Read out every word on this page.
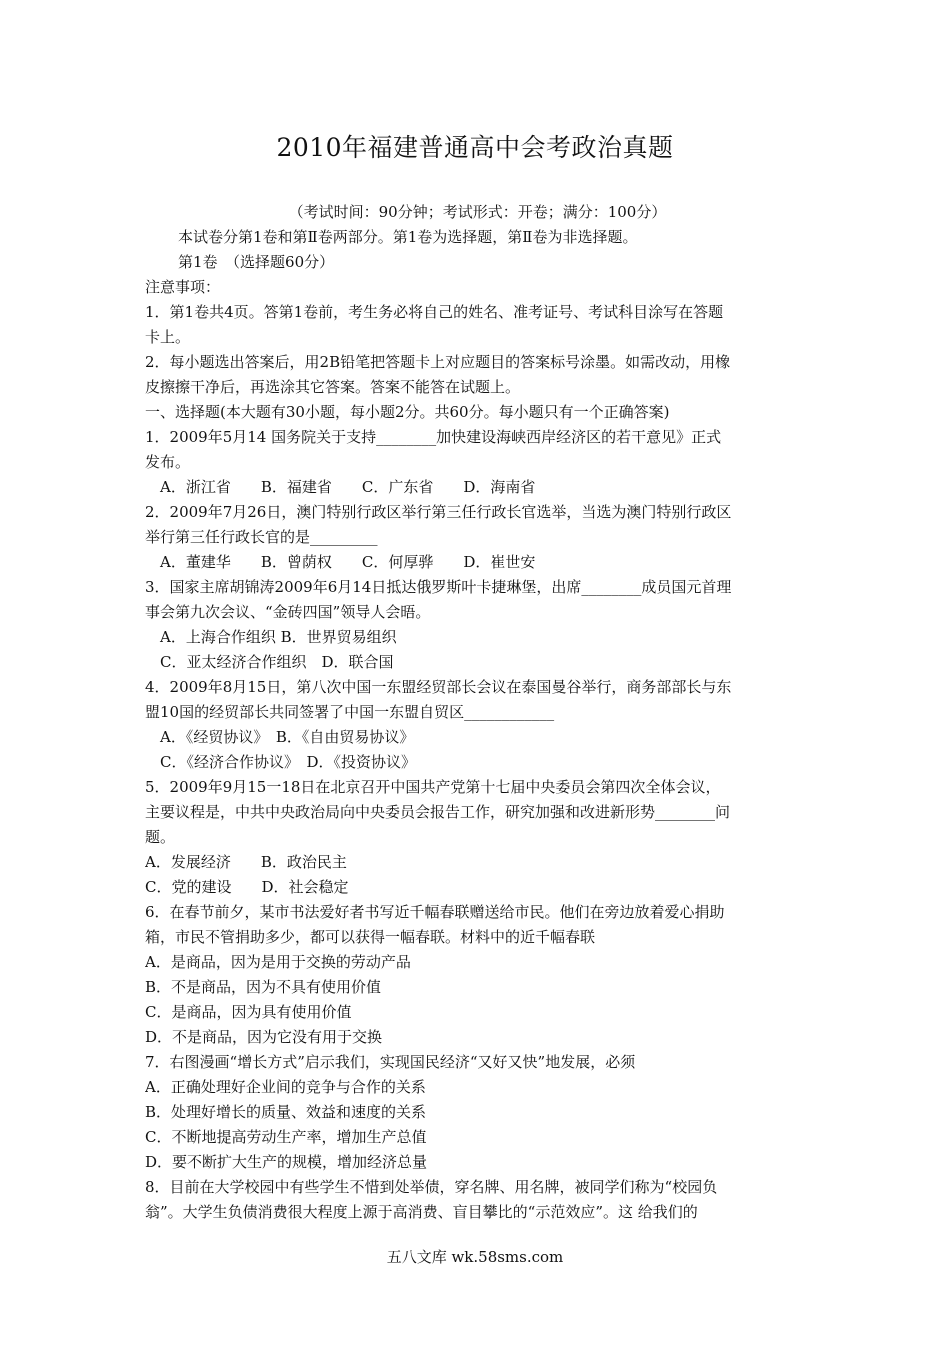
2010年福建普通高中会考政治真题
（考试时间：90分钟；考试形式：开卷；满分：100分）
本试卷分第1卷和第Ⅱ卷两部分。第1卷为选择题，第Ⅱ卷为非选择题。
第1卷　（选择题60分）
注意事项：
1．第1卷共4页。答第1卷前，考生务必将自己的姓名、准考证号、考试科目涂写在答题
卡上。
2．每小题选出答案后，用2B铅笔把答题卡上对应题目的答案标号涂墨。如需改动，用橡
皮擦擦干净后，再选涂其它答案。答案不能答在试题上。
一、选择题(本大题有30小题，每小题2分。共60分。每小题只有一个正确答案)
1．2009年5月14 国务院关于支持________加快建设海峡西岸经济区的若干意见》正式
发布。
A．浙江省　　B．福建省　　C．广东省　　D．海南省
2．2009年7月26日，澳门特别行政区举行第三任行政长官选举，当选为澳门特别行政区
举行第三任行政长官的是_________
A．董建华　　B．曾荫权　　C．何厚骅　　D．崔世安
3．国家主席胡锦涛2009年6月14日抵达俄罗斯叶卡捷琳堡，出席________成员国元首理
事会第九次会议、“金砖四国”领导人会晤。
A．上海合作组织 B．世界贸易组织
C．亚太经济合作组织　D．联合国
4．2009年8月15日，第八次中国一东盟经贸部长会议在泰国曼谷举行，商务部部长与东
盟10国的经贸部长共同签署了中国一东盟自贸区____________
A．《经贸协议》　B．《自由贸易协议》
C．《经济合作协议》　D．《投资协议》
5．2009年9月15一18日在北京召开中国共产党第十七届中央委员会第四次全体会议，
主要议程是，中共中央政治局向中央委员会报告工作，研究加强和改进新形势________问
题。
A．发展经济　　B．政治民主
C．党的建设　　D．社会稳定
6．在春节前夕，某市书法爱好者书写近千幅春联赠送给市民。他们在旁边放着爱心捐助
箱，市民不管捐助多少，都可以获得一幅春联。材料中的近千幅春联
A．是商品，因为是用于交换的劳动产品
B．不是商品，因为不具有使用价值
C．是商品，因为具有使用价值
D．不是商品，因为它没有用于交换
7．右图漫画“增长方式”启示我们，实现国民经济“又好又快”地发展，必须
A．正确处理好企业间的竞争与合作的关系
B．处理好增长的质量、效益和速度的关系
C．不断地提高劳动生产率，增加生产总值
D．要不断扩大生产的规模，增加经济总量
8．目前在大学校园中有些学生不惜到处举债，穿名牌、用名牌，被同学们称为“校园负
翁”。大学生负债消费很大程度上源于高消费、盲目攀比的“示范效应”。这 给我们的
五八文库 wk.58sms.com
